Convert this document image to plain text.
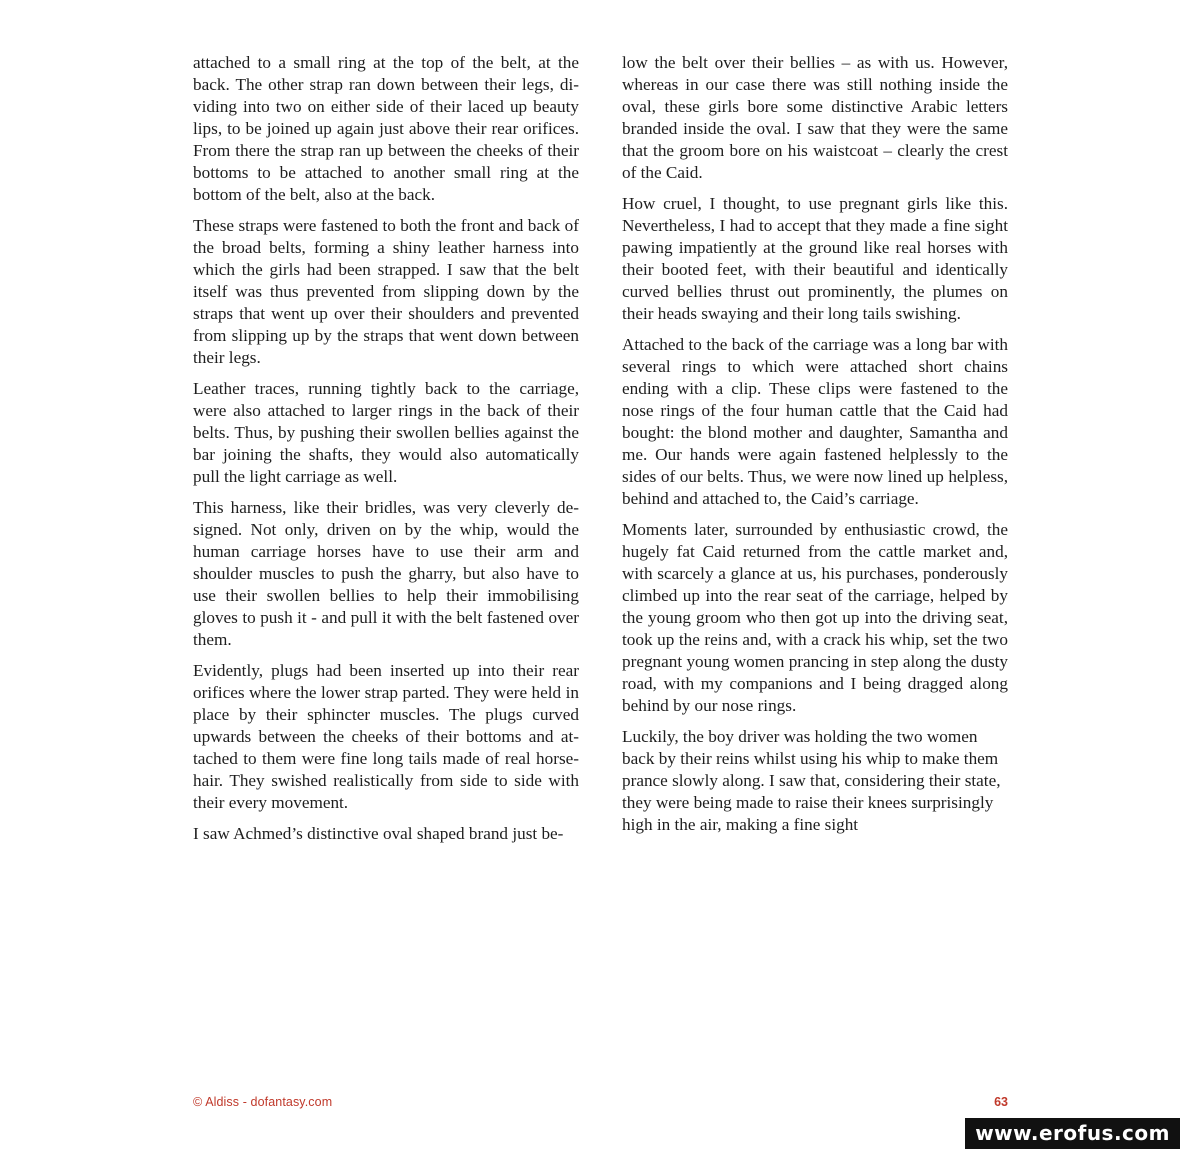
attached to a small ring at the top of the belt, at the back. The other strap ran down between their legs, dividing into two on either side of their laced up beauty lips, to be joined up again just above their rear orifices. From there the strap ran up between the cheeks of their bottoms to be attached to another small ring at the bottom of the belt, also at the back.

These straps were fastened to both the front and back of the broad belts, forming a shiny leather harness into which the girls had been strapped. I saw that the belt itself was thus prevented from slipping down by the straps that went up over their shoulders and prevented from slipping up by the straps that went down between their legs.

Leather traces, running tightly back to the carriage, were also attached to larger rings in the back of their belts. Thus, by pushing their swollen bellies against the bar joining the shafts, they would also automatically pull the light carriage as well.

This harness, like their bridles, was very cleverly designed. Not only, driven on by the whip, would the human carriage horses have to use their arm and shoulder muscles to push the gharry, but also have to use their swollen bellies to help their immobilising gloves to push it - and pull it with the belt fastened over them.

Evidently, plugs had been inserted up into their rear orifices where the lower strap parted. They were held in place by their sphincter muscles. The plugs curved upwards between the cheeks of their bottoms and attached to them were fine long tails made of real horsehair. They swished realistically from side to side with their every movement.

I saw Achmed’s distinctive oval shaped brand just be-

low the belt over their bellies – as with us. However, whereas in our case there was still nothing inside the oval, these girls bore some distinctive Arabic letters branded inside the oval. I saw that they were the same that the groom bore on his waistcoat – clearly the crest of the Caid.

How cruel, I thought, to use pregnant girls like this. Nevertheless, I had to accept that they made a fine sight pawing impatiently at the ground like real horses with their booted feet, with their beautiful and identically curved bellies thrust out prominently, the plumes on their heads swaying and their long tails swishing.

Attached to the back of the carriage was a long bar with several rings to which were attached short chains ending with a clip. These clips were fastened to the nose rings of the four human cattle that the Caid had bought: the blond mother and daughter, Samantha and me. Our hands were again fastened helplessly to the sides of our belts. Thus, we were now lined up helpless, behind and attached to, the Caid’s carriage.

Moments later, surrounded by enthusiastic crowd, the hugely fat Caid returned from the cattle market and, with scarcely a glance at us, his purchases, ponderously climbed up into the rear seat of the carriage, helped by the young groom who then got up into the driving seat, took up the reins and, with a crack his whip, set the two pregnant young women prancing in step along the dusty road, with my companions and I being dragged along behind by our nose rings.

Luckily, the boy driver was holding the two women back by their reins whilst using his whip to make them prance slowly along. I saw that, considering their state, they were being made to raise their knees surprisingly high in the air, making a fine sight

© Aldiss - dofantasy.com	63
www.erofus.com
